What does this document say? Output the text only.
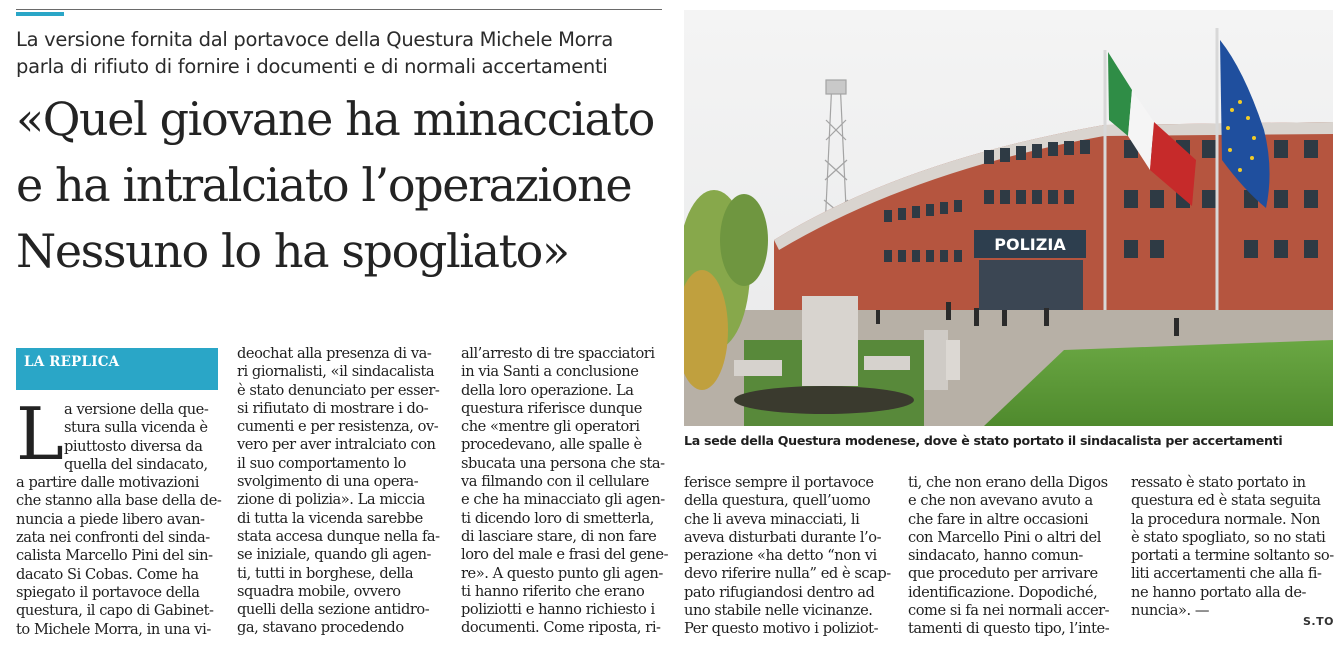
La versione fornita dal portavoce della Questura Michele Morra
parla di rifiuto di fornire i documenti e di normali accertamenti
«Quel giovane ha minacciato
e ha intralciato l’operazione
Nessuno lo ha spogliato»
LA REPLICA
L a versione della que-
stura sulla vicenda è
piuttosto diversa da
quella del sindacato,
a partire dalle motivazioni
che stanno alla base della de-
nuncia a piede libero avan-
zata nei confronti del sinda-
calista Marcello Pini del sin-
dacato Si Cobas. Come ha
spiegato il portavoce della
questura, il capo di Gabinet-
to Michele Morra, in una vi-
deochat alla presenza di va-
ri giornalisti, «il sindacalista
è stato denunciato per esser-
si rifiutato di mostrare i do-
cumenti e per resistenza, ov-
vero per aver intralciato con
il suo comportamento lo
svolgimento di una opera-
zione di polizia». La miccia
di tutta la vicenda sarebbe
stata accesa dunque nella fa-
se iniziale, quando gli agen-
ti, tutti in borghese, della
squadra mobile, ovvero
quelli della sezione antidro-
ga, stavano procedendo
all’arresto di tre spacciatori
in via Santi a conclusione
della loro operazione. La
questura riferisce dunque
che «mentre gli operatori
procedevano, alle spalle è
sbucata una persona che sta-
va filmando con il cellulare
e che ha minacciato gli agen-
ti dicendo loro di smetterla,
di lasciare stare, di non fare
loro del male e frasi del gene-
re». A questo punto gli agen-
ti hanno riferito che erano
poliziotti e hanno richiesto i
documenti. Come riposta, ri-
POLIZIA
La sede della Questura modenese, dove è stato portato il sindacalista per accertamenti
ferisce sempre il portavoce
della questura, quell’uomo
che li aveva minacciati, li
aveva disturbati durante l’o-
perazione «ha detto “non vi
devo riferire nulla” ed è scap-
pato rifugiandosi dentro ad
uno stabile nelle vicinanze.
Per questo motivo i poliziot-
ti, che non erano della Digos
e che non avevano avuto a
che fare in altre occasioni
con Marcello Pini o altri del
sindacato, hanno comun-
que proceduto per arrivare
identificazione. Dopodiché,
come si fa nei normali accer-
tamenti di questo tipo, l’inte-
ressato è stato portato in
questura ed è stata seguita
la procedura normale. Non
è stato spogliato, so no stati
portati a termine soltanto so-
liti accertamenti che alla fi-
ne hanno portato alla de-
nuncia». —
S.TO
